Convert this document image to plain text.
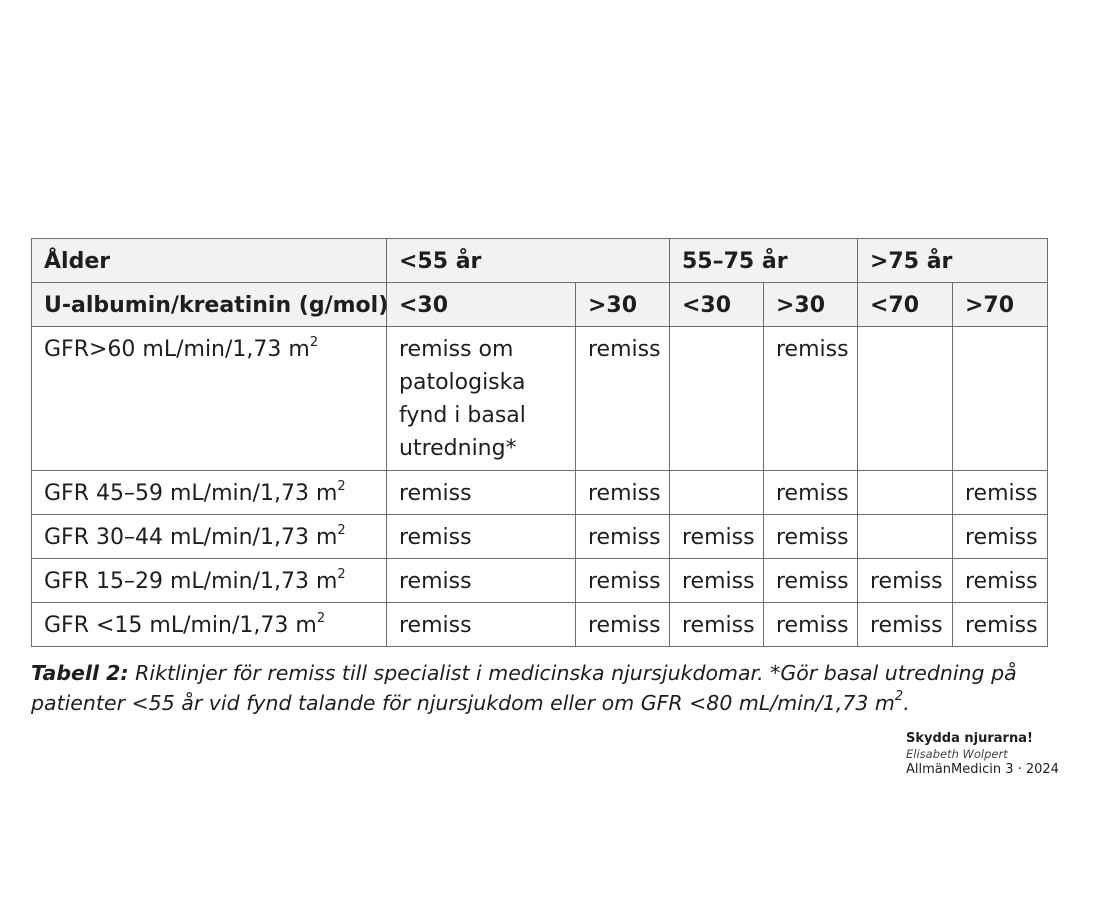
Ålder	<55 år		55–75 år		>75 år	
U-albumin/kreatinin (g/mol)	<30	>30	<30	>30	<70	>70
GFR>60 mL/min/1,73 $m^2$	remiss om patologiska fynd i basal utredning*	remiss		remiss		
GFR 45–59 mL/min/1,73 $m^2$	remiss	remiss		remiss		remiss
GFR 30–44 mL/min/1,73 $m^2$	remiss	remiss	remiss	remiss		remiss
GFR 15–29 mL/min/1,73 $m^2$	remiss	remiss	remiss	remiss	remiss	remiss
GFR <15 mL/min/1,73 $m^2$	remiss	remiss	remiss	remiss	remiss	remiss
Tabell 2: Riktlinjer för remiss till specialist i medicinska njursjukdomar. *Gör basal utredning på patienter <55 år vid fynd talande för njursjukdom eller om GFR <80 mL/min/1,73 $m^2$.
Skydda njurarna!
Elisabeth Wolpert
AllmänMedicin 3 · 2024
